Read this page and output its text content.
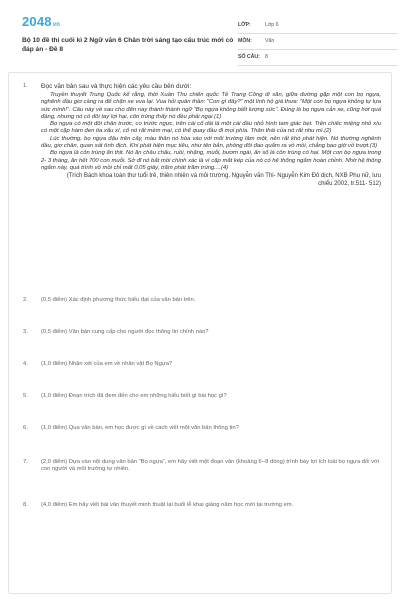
2048vn
Bộ 10 đề thi cuối kì 2 Ngữ văn 6 Chân trời sáng tạo cấu trúc mới có đáp án - Đề 8
LỚP:	Lớp 6
MÔN:	Văn
SỐ CÂU: 8
1.	Đọc văn bản sau và thực hiện các yêu cầu bên dưới:

Truyền thuyết Trung Quốc kể rằng, thời Xuân Thu chiến quốc Tề Trang Công đi săn, giữa đường gặp một con bọ ngựa, nghênh đầu giơ càng ra để chặn xe vua lại. Vua hỏi quân thần: “Con gì đấy?” một lính hộ giá thưa: “Một con bọ ngựa không tự lựa sức mình!”. Câu này về sau cho đến nay thành thành ngữ “Bọ ngựa không biết lượng sức”. Đúng là bọ ngựa cản xe, cũng hơi quá đáng, nhưng nó có đôi tay lợi hại, côn trùng thấy nó đều phải ngại.(1)

Bọ ngựa có một đôi chân trước, co trước ngực, trên cái cổ dài là một cái đầu nhỏ hình tam giác bẹt. Trên chiếc miệng nhỏ xíu có một cặp hàm đen tia xẩu xí, cổ nó rất mềm mại, có thể quay đầu đi mọi phía. Thân thái của nó rất nhu mì.(2)

Lúc thường, bọ ngựa đậu trên cây, màu thân nó hòa vào với môi trường lâm một, nên rất khó phát hiện. Nó thường nghênh đầu, giơ chân, quan sát tình địch. Khi phát hiện mục tiêu, như tên bắn, phóng đôi đao quắm ra vồ mồi, chẳng bao giờ vồ trượt.(3)

Bọ ngựa là côn trùng ăn thịt. Nó ăn châu chấu, ruồi, nhặng, muỗi, bươm ngài, ẩn số là côn trùng có hại. Một con bọ ngựa trong 2- 3 tháng, ăn hết 700 con muỗi. Sở dĩ nó bắt mồi chính xác là vì cặp mắt kép của nó có hệ thống ngắm hoàn chỉnh. Nhờ hệ thống ngắm này, quá trình vồ mồi chỉ mất 0,05 giây, trăm phát trăm trúng....(4)

(Trích Bách khoa toàn thư tuổi trẻ, thiên nhiên và môi trường, Nguyễn văn Thi- Nguyễn Kim Đô dịch, NXB Phụ nữ, lưu chiểu 2002, tr.511- 512)
2.	(0,5 điểm) Xác định phương thức biểu đạt của văn bản trên.
3.	(0,5 điểm) Văn bản cung cấp cho người đọc thông tin chính nào?
4.	(1,0 điểm) Nhận xét của em về nhân vật Bọ Ngựa?
5.	(1,0 điểm) Đoạn trích đã đem đến cho em những hiểu biết gì bài học gì?
6.	(1,0 điểm) Qua văn bản, em học được gì về cách viết một văn bản thông tin?
7.	(2,0 điểm) Dựa vào nội dung văn bản “Bọ ngựa”, em hãy viết một đoạn văn (khoảng 6−8 dòng) trình bày lợi ích loài bọ ngựa đối với con người và môi trường tự nhiên.
8.	(4,0 điểm) Em hãy viết bài văn thuyết minh thuật lại buổi lễ khai giảng năm học mới tại trường em.
